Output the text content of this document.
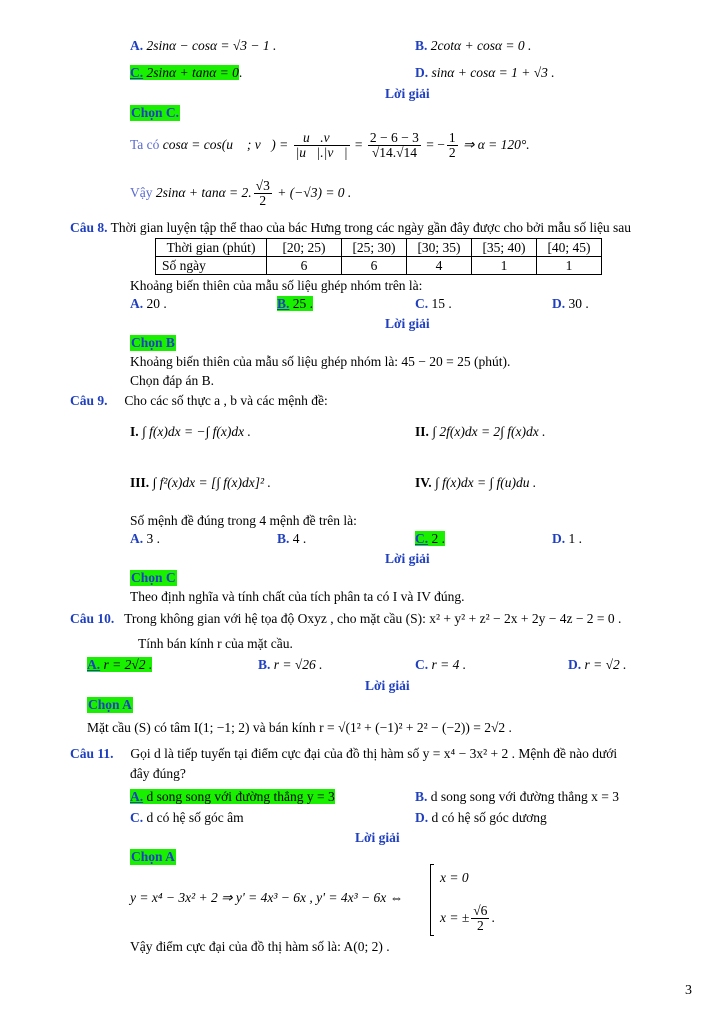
A. 2sinα − cosα = √3 − 1 .	B. 2cotα + cosα = 0 .
C. 2sinα + tanα = 0.	D. sinα + cosα = 1 + √3 .
Lời giải
Chọn C.
Ta có cosα = cos(u⃗ ; v⃗) = $\frac{u⃗.v⃗}{|u⃗|.|v⃗|} = \frac{2 - 6 - 3}{√14.√14}$ = − $\frac{1}{2}$ ⇒ α = 120°.
Vậy 2sinα + tanα = 2. $\frac{√3}{2} + (-√3) = 0$ .
Câu 8. Thời gian luyện tập thể thao của bác Hưng trong các ngày gần đây được cho bởi mẫu số liệu sau
Thời gian (phút)	[20; 25)	[25; 30)	[30; 35)	[35; 40)	[40; 45)
Số ngày	6	6	4	1	1
Khoảng biến thiên của mẫu số liệu ghép nhóm trên là:
A. 20 .	B. 25 .	C. 15 .	D. 30 .
Lời giải
Chọn B
Khoảng biến thiên của mẫu số liệu ghép nhóm là: 45 − 20 = 25 (phút).
Chọn đáp án B.
Câu 9. Cho các số thực a , b và các mệnh đề:
I. ∫ f(x)dx = −∫ f(x)dx .	II. ∫ 2f(x)dx = 2∫ f(x)dx .
III. ∫ f²(x)dx = [∫ f(x)dx]² .	IV. ∫ f(x)dx = ∫ f(u)du .
Số mệnh đề đúng trong 4 mệnh đề trên là:
A. 3 .	B. 4 .	C. 2 .	D. 1 .
Lời giải
Chọn C
Theo định nghĩa và tính chất của tích phân ta có I và IV đúng.
Câu 10. Trong không gian với hệ tọa độ Oxyz , cho mặt cầu (S): x² + y² + z² − 2x + 2y − 4z − 2 = 0 .
Tính bán kính r của mặt cầu.
A. r = 2√2 .	B. r = √26 .	C. r = 4 .	D. r = √2 .
Lời giải
Chọn A
Mặt cầu (S) có tâm I(1; −1; 2) và bán kính r = √(1² + (−1)² + 2² − (−2)) = 2√2 .
Câu 11. Gọi d là tiếp tuyến tại điểm cực đại của đồ thị hàm số y = x⁴ − 3x² + 2 . Mệnh đề nào dưới
đây đúng?
A. d song song với đường thẳng y = 3	B. d song song với đường thẳng x = 3
C. d có hệ số góc âm	D. d có hệ số góc dương
Lời giải
Chọn A
y = x⁴ − 3x² + 2 ⇒ y' = 4x³ − 6x , y' = 4x³ − 6x ⇔
x = 0
x = ± $\frac{√6}{2}$ .
Vậy điểm cực đại của đồ thị hàm số là: A(0; 2) .
3
